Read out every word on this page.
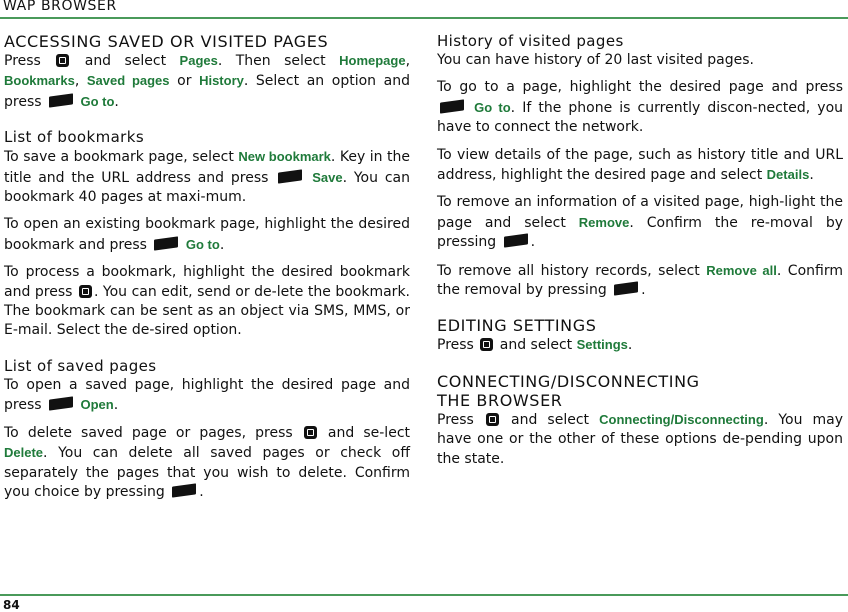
WAP BROWSER
ACCESSING SAVED OR VISITED PAGES

Press	and select Pages. Then select Homepage, Bookmarks, Saved pages or History. Select an option and press	Go to.

List of bookmarks

To save a bookmark page, select New bookmark. Key in the title and the URL address and press	Save. You can bookmark 40 pages at maxi-mum.

To open an existing bookmark page, highlight the desired bookmark and press	Go to.

To process a bookmark, highlight the desired bookmark and press . You can edit, send or de-lete the bookmark. The bookmark can be sent as an object via SMS, MMS, or E-mail. Select the de-sired option.

List of saved pages

To open a saved page, highlight the desired page and press	Open.

To delete saved page or pages, press	and se-lect Delete. You can delete all saved pages or check off separately the pages that you wish to delete. Confirm you choice by pressing .

History of visited pages

You can have history of 20 last visited pages.

To go to a page, highlight the desired page and press  Go to. If the phone is currently discon-nected, you have to connect the network.

To view details of the page, such as history title and URL address, highlight the desired page and select Details.

To remove an information of a visited page, high-light the page and select Remove. Confirm the re-moval by pressing .

To remove all history records, select Remove all. Confirm the removal by pressing .

EDITING SETTINGS

Press and select Settings.

CONNECTING/DISCONNECTING
THE BROWSER

Press	and select Connecting/Disconnecting. You may have one or the other of these options de-pending upon the state.

84
